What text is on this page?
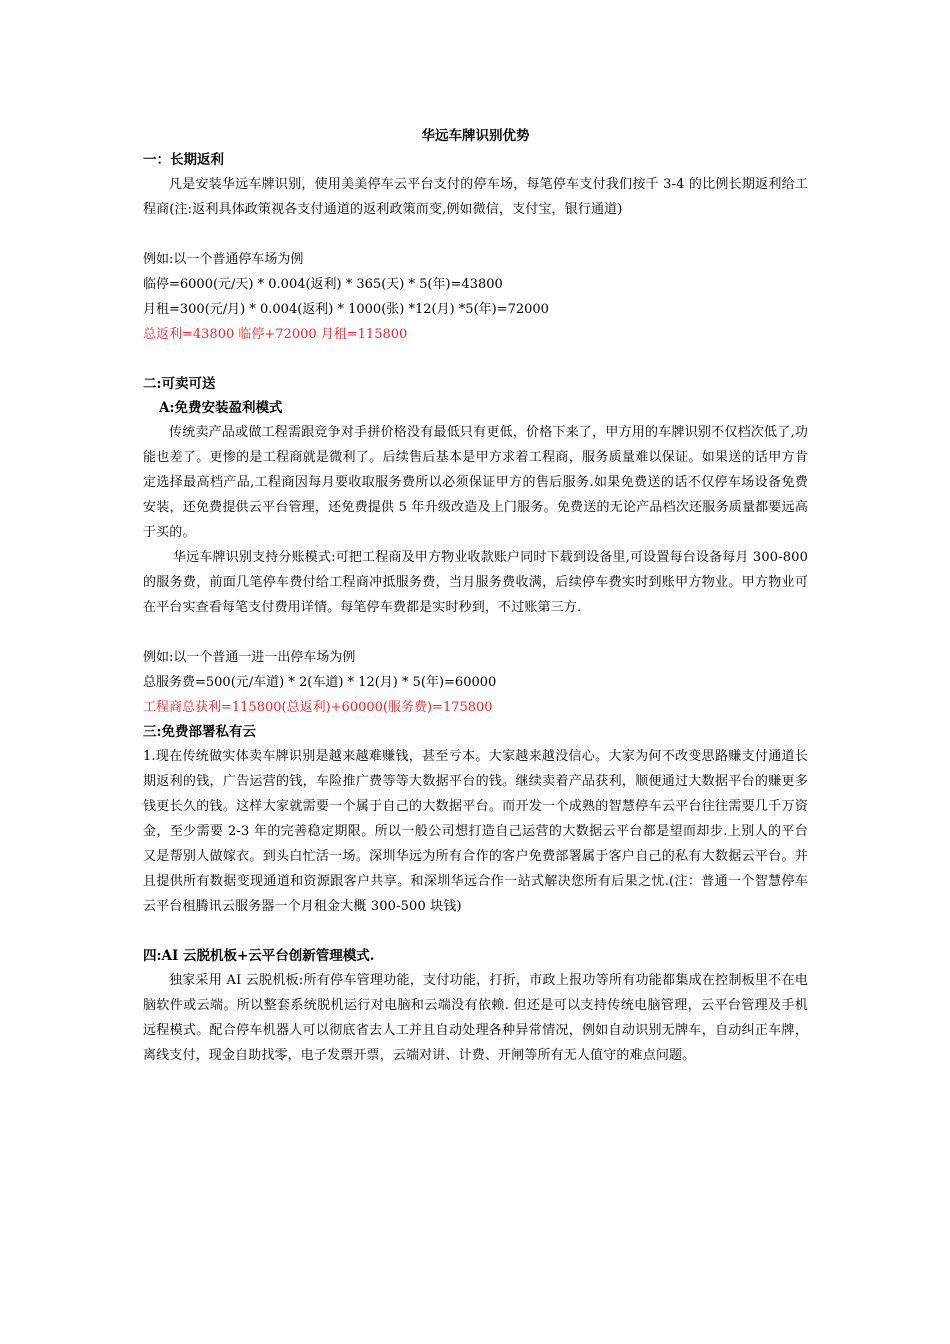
华远车牌识别优势
一：长期返利
凡是安装华远车牌识别，使用美美停车云平台支付的停车场，每笔停车支付我们按千 3-4 的比例长期返利给工程商(注:返利具体政策视各支付通道的返利政策而变,例如微信，支付宝，银行通道)
例如:以一个普通停车场为例
临停=6000(元/天) * 0.004(返利) * 365(天) * 5(年)=43800
月租=300(元/月) * 0.004(返利) * 1000(张) *12(月) *5(年)=72000
总返利=43800 临停+72000 月租=115800
二:可卖可送
A:免费安装盈利模式
传统卖产品或做工程需跟竞争对手拼价格没有最低只有更低，价格下来了，甲方用的车牌识别不仅档次低了,功能也差了。更惨的是工程商就是微利了。后续售后基本是甲方求着工程商，服务质量难以保证。如果送的话甲方肯定选择最高档产品,工程商因每月要收取服务费所以必须保证甲方的售后服务.如果免费送的话不仅停车场设备免费安装，还免费提供云平台管理，还免费提供 5 年升级改造及上门服务。免费送的无论产品档次还服务质量都要远高于买的。
华远车牌识别支持分账模式:可把工程商及甲方物业收款账户同时下载到设备里,可设置每台设备每月 300-800 的服务费，前面几笔停车费付给工程商冲抵服务费，当月服务费收满，后续停车费实时到账甲方物业。甲方物业可在平台实查看每笔支付费用详情。每笔停车费都是实时秒到，不过账第三方.
例如:以一个普通一进一出停车场为例
总服务费=500(元/车道) * 2(车道) * 12(月) * 5(年)=60000
工程商总获利=115800(总返利)+60000(服务费)=175800
三:免费部署私有云
1.现在传统做实体卖车牌识别是越来越难赚钱，甚至亏本。大家越来越没信心。大家为何不改变思路赚支付通道长期返利的钱，广告运营的钱，车险推广费等等大数据平台的钱。继续卖着产品获利，顺便通过大数据平台的赚更多钱更长久的钱。这样大家就需要一个属于自己的大数据平台。而开发一个成熟的智慧停车云平台往往需要几千万资金，至少需要 2-3 年的完善稳定期限。所以一般公司想打造自己运营的大数据云平台都是望而却步.上别人的平台又是帮别人做嫁衣。到头白忙活一场。深圳华远为所有合作的客户免费部署属于客户自己的私有大数据云平台。并且提供所有数据变现通道和资源跟客户共享。和深圳华远合作一站式解决您所有后果之忧.(注：普通一个智慧停车云平台租腾讯云服务器一个月租金大概 300-500 块钱)
四:AI 云脱机板+云平台创新管理模式.
独家采用 AI 云脱机板:所有停车管理功能，支付功能，打折，市政上报功等所有功能都集成在控制板里不在电脑软件或云端。所以整套系统脱机运行对电脑和云端没有依赖. 但还是可以支持传统电脑管理，云平台管理及手机远程模式。配合停车机器人可以彻底省去人工并且自动处理各种异常情况，例如自动识别无牌车，自动纠正车牌，离线支付，现金自助找零，电子发票开票，云端对讲、计费、开闸等所有无人值守的难点问题。
